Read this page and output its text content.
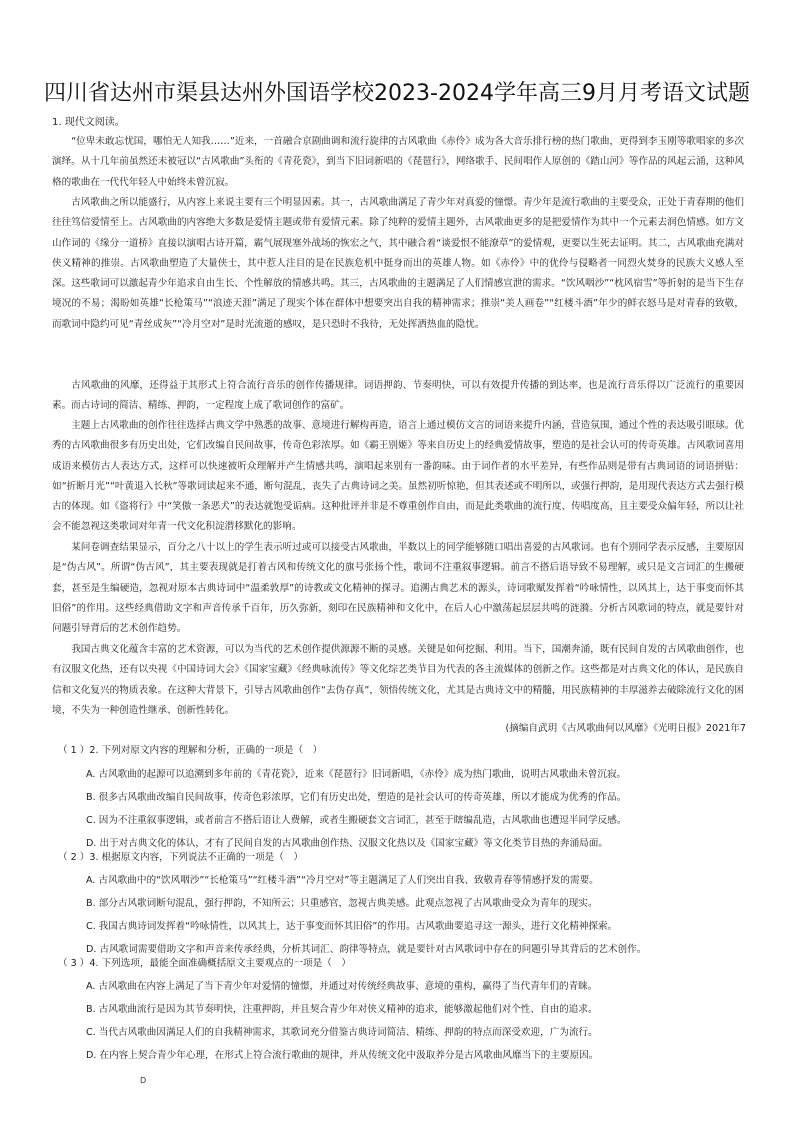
四川省达州市渠县达州外国语学校2023-2024学年高三9月月考语文试题
1. 现代文阅读。

“位卑未敢忘忧国，哪怕无人知我……”近来，一首融合京剧曲调和流行旋律的古风歌曲《赤伶》成为各大音乐排行榜的热门歌曲，更得到李玉刚等歌唱家的多次演绎。从十几年前虽然还未被冠以“古风歌曲”头衔的《青花瓷》，到当下旧词新唱的《琵琶行》，网络歌手、民间唱作人原创的《踏山河》等作品的风起云涌，这种风格的歌曲在一代代年轻人中始终未曾沉寂。

古风歌曲之所以能盛行，从内容上来说主要有三个明显因素。其一，古风歌曲满足了青少年对真爱的憧憬。青少年是流行歌曲的主要受众，正处于青春期的他们往往笃信爱情至上。古风歌曲的内容绝大多数是爱情主题或带有爱情元素。除了纯粹的爱情主题外，古风歌曲更多的是把爱情作为其中一个元素去润色情感。如方文山作词的《缘分一道桥》直接以演唱古诗开篇，霸气展现塞外战场的恢宏之气，其中融合着“谈爱恨不能潦草”的爱情观，更要以生死去证明。其二，古风歌曲充满对侠义精神的推崇。古风歌曲塑造了大量侠士，其中惹人注目的是在民族危机中挺身而出的英雄人物。如《赤伶》中的优伶与侵略者一同烈火焚身的民族大义感人至深。这些歌词可以激起青少年追求自由生长、个性解放的情感共鸣。其三，古风歌曲的主题满足了人们情感宣泄的需求。“饮风咽沙”“枕风宿雪”等折射的是当下生存境况的不易；渴盼如英雄“长枪策马”“浪迹天涯”满足了现实个体在群体中想要突出自我的精神需求；推崇“美人画卷”“红楼斗酒”年少的鲜衣怒马是对青春的致敬，而歌词中隐约可见“青丝成灰”“冷月空对”是时光流逝的感叹，是只恐时不我待，无处挥洒热血的隐忧。

古风歌曲的风靡，还得益于其形式上符合流行音乐的创作传播规律。词语押韵、节奏明快，可以有效提升传播的到达率，也是流行音乐得以广泛流行的重要因素。而古诗词的简洁、精练、押韵，一定程度上成了歌词创作的富矿。

主题上古风歌曲的创作往往选择古典文学中熟悉的故事、意境进行解构再造，语言上通过模仿文言的词语来提升内涵，营造氛围，通过个性的表达吸引眼球。优秀的古风歌曲很多有历史出处，它们改编自民间故事，传奇色彩浓厚。如《霸王别姬》等来自历史上的经典爱情故事，塑造的是社会认可的传奇英雄。古风歌词喜用成语来模仿古人表达方式，这样可以快速被听众理解并产生情感共鸣，演唱起来别有一番韵味。由于词作者的水平差异，有些作品则是带有古典词语的词语拼贴：如“折断月光”“叶黄退入长秋”等歌词读起来不通，断句混乱，丧失了古典诗词之美。虽然初听惊艳，但其表述或不明所以，或强行押韵，是用现代表达方式去强行模古的体现。如《盗将行》中“笑傲一条恶犬”的表达就饱受诟病。这种批评并非是不尊重创作自由，而是此类歌曲的流行度、传唱度高，且主要受众偏年轻，所以让社会不能忽视这类歌词对年青一代文化积淀潜移默化的影响。

某问卷调查结果显示，百分之八十以上的学生表示听过或可以接受古风歌曲，半数以上的同学能够随口唱出喜爱的古风歌词。也有个别同学表示反感，主要原因是“伪古风”。所谓“伪古风”，其主要表现就是打着古风和传统文化的旗号张扬个性，歌词不注重叙事逻辑。前言不搭后语导致不易理解，或只是文言词汇的生搬硬套，甚至是生编硬造，忽视对原本古典诗词中“温柔敦厚”的诗教或文化精神的探寻。追溯古典艺术的源头，诗词歌赋发挥着“吟咏情性，以风其上，达于事变而怀其旧俗”的作用。这些经典借助文字和声音传承千百年，历久弥新，刻印在民族精神和文化中，在后人心中激荡起层层共鸣的涟漪。分析古风歌词的特点，就是要针对问题引导背后的艺术创作趋势。

我国古典文化蕴含丰富的艺术资源，可以为当代的艺术创作提供源源不断的灵感。关键是如何挖掘、利用。当下，国潮奔涌，既有民间自发的古风歌曲创作，也有汉服文化热，还有以央视《中国诗词大会》《国家宝藏》《经典咏流传》等文化综艺类节目为代表的各主流媒体的创新之作。这些都是对古典文化的体认，是民族自信和文化复兴的物质表象。在这种大背景下，引导古风歌曲创作“去伪存真”，领悟传统文化，尤其是古典诗文中的精髓，用民族精神的丰厚滋养去破除流行文化的困境，不失为一种创造性继承、创新性转化。

(摘编自武玥《古风歌曲何以风靡》《光明日报》2021年7
（ 1 ）2. 下列对原文内容的理解和分析，正确的一项是（　）
A. 古风歌曲的起源可以追溯到多年前的《青花瓷》，近来《琵琶行》旧词新唱，《赤伶》成为热门歌曲，说明古风歌曲未曾沉寂。
B. 很多古风歌曲改编自民间故事，传奇色彩浓厚，它们有历史出处，塑造的是社会认可的传奇英雄，所以才能成为优秀的作品。
C. 因为不注重叙事逻辑，或者前言不搭后语让人费解，或者生搬硬套文言词汇，甚至于瞎编乱造，古风歌曲也遭逗半同学反感。
D. 出于对古典文化的体认，才有了民间自发的古风歌曲创作热、汉服文化热以及《国家宝藏》等文化类节目热的奔涌局面。
（ 2 ）3. 根据原文内容，下列说法不正确的一项是（　）
A. 古风歌曲中的“饮风咽沙”“长枪策马”“红楼斗酒”“冷月空对”等主题满足了人们突出自我、致敬青春等情感抒发的需要。
B. 部分古风歌词断句混乱，强行押韵，不知所云；只重感官，忽视古典美感。此观点忽视了古风歌曲受众为青年的现实。
C. 我国古典诗词发挥着“吟咏情性，以风其上，达于事变而怀其旧俗”的作用。古风歌曲要追寻这一源头，进行文化精神探索。
D. 古风歌词需要借助文字和声音来传承经典，分析其词汇、韵律等特点，就是要针对古风歌词中存在的问题引导其背后的艺术创作。
（ 3 ）4. 下列选项，最能全面准确概括原文主要观点的一项是（　）
A. 古风歌曲在内容上满足了当下青少年对爱情的憧憬，并通过对传统经典故事、意境的重构，赢得了当代青年们的青睐。
B. 古风歌曲流行是因为其节奏明快，注重押韵，并且契合青少年对侠义精神的追求，能够激起他们对个性、自由的追求。
C. 当代古风歌曲因满足人们的自我精神需求，其歌词充分借鉴古典诗词简洁、精练、押韵的特点而深受欢迎，广为流行。
D. 在内容上契合青少年心理，在形式上符合流行歌曲的规律，并从传统文化中汲取养分是古风歌曲风靡当下的主要原因。
D
